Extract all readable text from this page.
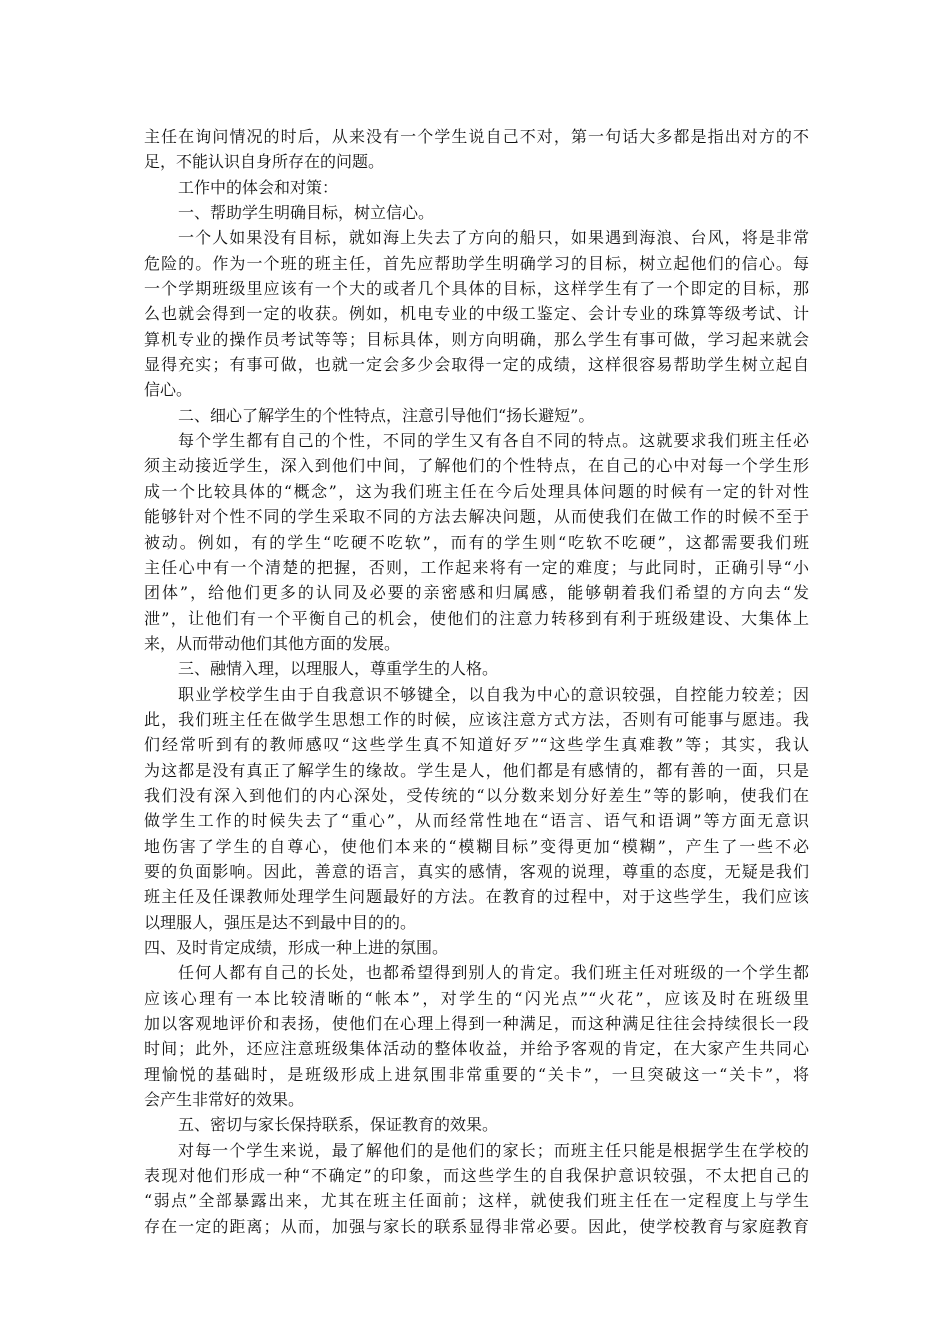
主任在询问情况的时后，从来没有一个学生说自己不对，第一句话大多都是指出对方的不
足，不能认识自身所存在的问题。
工作中的体会和对策：
一、帮助学生明确目标，树立信心。
一个人如果没有目标，就如海上失去了方向的船只，如果遇到海浪、台风，将是非常
危险的。作为一个班的班主任，首先应帮助学生明确学习的目标，树立起他们的信心。每
一个学期班级里应该有一个大的或者几个具体的目标，这样学生有了一个即定的目标，那
么也就会得到一定的收获。例如，机电专业的中级工鉴定、会计专业的珠算等级考试、计
算机专业的操作员考试等等；目标具体，则方向明确，那么学生有事可做，学习起来就会
显得充实；有事可做，也就一定会多少会取得一定的成绩，这样很容易帮助学生树立起自
信心。
二、细心了解学生的个性特点，注意引导他们“扬长避短”。
每个学生都有自己的个性，不同的学生又有各自不同的特点。这就要求我们班主任必
须主动接近学生，深入到他们中间，了解他们的个性特点，在自己的心中对每一个学生形
成一个比较具体的“概念”，这为我们班主任在今后处理具体问题的时候有一定的针对性
能够针对个性不同的学生采取不同的方法去解决问题，从而使我们在做工作的时候不至于
被动。例如，有的学生“吃硬不吃软”，而有的学生则“吃软不吃硬”，这都需要我们班
主任心中有一个清楚的把握，否则，工作起来将有一定的难度；与此同时，正确引导“小
团体”，给他们更多的认同及必要的亲密感和归属感，能够朝着我们希望的方向去“发
泄”，让他们有一个平衡自己的机会，使他们的注意力转移到有利于班级建设、大集体上
来，从而带动他们其他方面的发展。
三、融情入理，以理服人，尊重学生的人格。
职业学校学生由于自我意识不够键全，以自我为中心的意识较强，自控能力较差；因
此，我们班主任在做学生思想工作的时候，应该注意方式方法，否则有可能事与愿违。我
们经常听到有的教师感叹“这些学生真不知道好歹”“这些学生真难教”等；其实，我认
为这都是没有真正了解学生的缘故。学生是人，他们都是有感情的，都有善的一面，只是
我们没有深入到他们的内心深处，受传统的“以分数来划分好差生”等的影响，使我们在
做学生工作的时候失去了“重心”，从而经常性地在“语言、语气和语调”等方面无意识
地伤害了学生的自尊心，使他们本来的“模糊目标”变得更加“模糊”，产生了一些不必
要的负面影响。因此，善意的语言，真实的感情，客观的说理，尊重的态度，无疑是我们
班主任及任课教师处理学生问题最好的方法。在教育的过程中，对于这些学生，我们应该
以理服人，强压是达不到最中目的的。
四、及时肯定成绩，形成一种上进的氛围。
任何人都有自己的长处，也都希望得到别人的肯定。我们班主任对班级的一个学生都
应该心理有一本比较清晰的“帐本”，对学生的“闪光点”“火花”，应该及时在班级里
加以客观地评价和表扬，使他们在心理上得到一种满足，而这种满足往往会持续很长一段
时间；此外，还应注意班级集体活动的整体收益，并给予客观的肯定，在大家产生共同心
理愉悦的基础时，是班级形成上进氛围非常重要的“关卡”，一旦突破这一“关卡”，将
会产生非常好的效果。
五、密切与家长保持联系，保证教育的效果。
对每一个学生来说，最了解他们的是他们的家长；而班主任只能是根据学生在学校的
表现对他们形成一种“不确定”的印象，而这些学生的自我保护意识较强，不太把自己的
“弱点”全部暴露出来，尤其在班主任面前；这样，就使我们班主任在一定程度上与学生
存在一定的距离；从而，加强与家长的联系显得非常必要。因此，使学校教育与家庭教育
